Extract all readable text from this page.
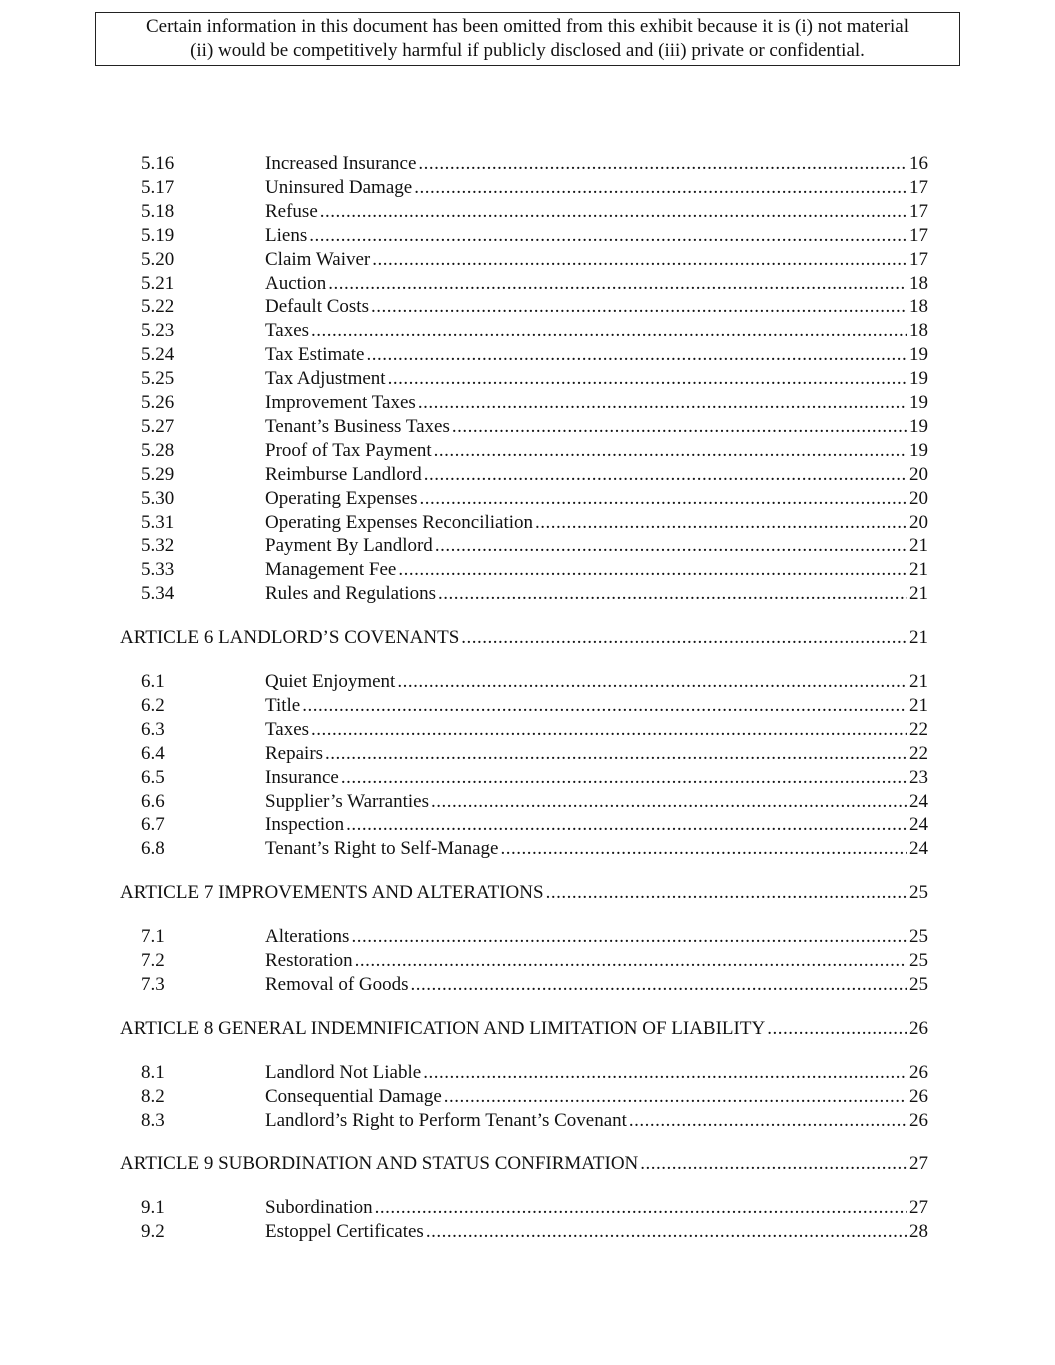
Certain information in this document has been omitted from this exhibit because it is (i) not material
(ii) would be competitively harmful if publicly disclosed and (iii) private or confidential.
5.16	Increased Insurance .....	16
5.17	Uninsured Damage .....	17
5.18	Refuse .....	17
5.19	Liens .....	17
5.20	Claim Waiver .....	17
5.21	Auction .....	18
5.22	Default Costs .....	18
5.23	Taxes .....	18
5.24	Tax Estimate .....	19
5.25	Tax Adjustment .....	19
5.26	Improvement Taxes .....	19
5.27	Tenant’s Business Taxes .....	19
5.28	Proof of Tax Payment .....	19
5.29	Reimburse Landlord .....	20
5.30	Operating Expenses .....	20
5.31	Operating Expenses Reconciliation .....	20
5.32	Payment By Landlord .....	21
5.33	Management Fee .....	21
5.34	Rules and Regulations .....	21
ARTICLE 6 LANDLORD’S COVENANTS .....	21
6.1	Quiet Enjoyment .....	21
6.2	Title .....	21
6.3	Taxes .....	22
6.4	Repairs .....	22
6.5	Insurance .....	23
6.6	Supplier’s Warranties .....	24
6.7	Inspection .....	24
6.8	Tenant’s Right to Self-Manage .....	24
ARTICLE 7 IMPROVEMENTS AND ALTERATIONS .....	25
7.1	Alterations .....	25
7.2	Restoration .....	25
7.3	Removal of Goods .....	25
ARTICLE 8 GENERAL INDEMNIFICATION AND LIMITATION OF LIABILITY .....	26
8.1	Landlord Not Liable .....	26
8.2	Consequential Damage .....	26
8.3	Landlord’s Right to Perform Tenant’s Covenant .....	26
ARTICLE 9 SUBORDINATION AND STATUS CONFIRMATION .....	27
9.1	Subordination .....	27
9.2	Estoppel Certificates .....	28
